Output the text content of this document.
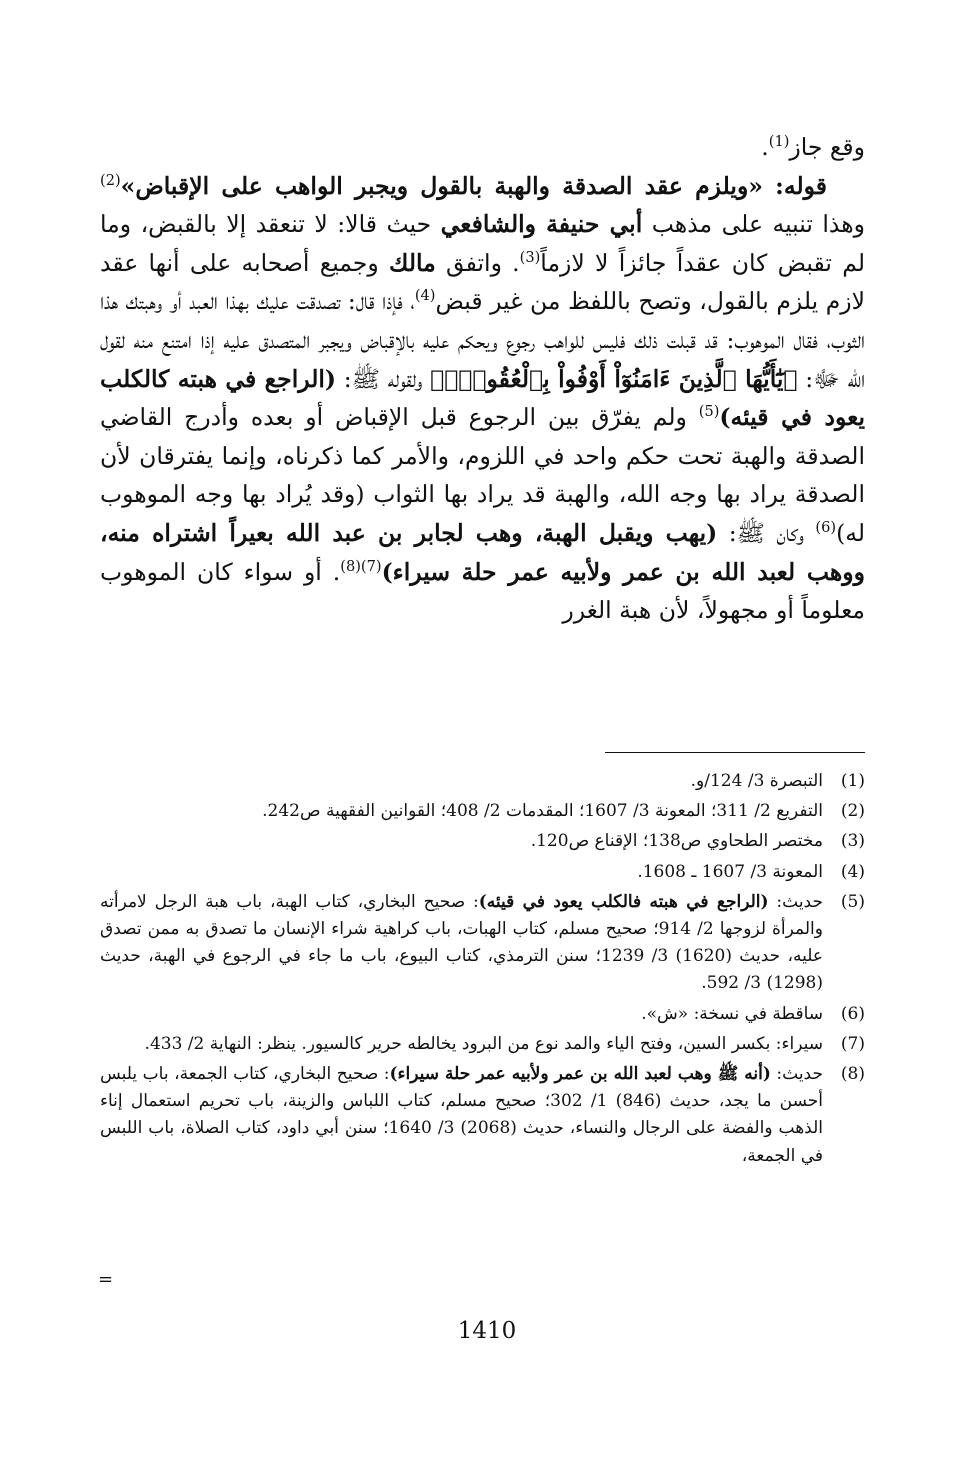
وقع جاز$^{(1)}$.

قوله: «ويلزم عقد الصدقة والهبة بالقول ويجبر الواهب على الإقباض»$^{(2)}$ وهذا تنبيه على مذهب أبي حنيفة والشافعي حيث قالا: لا تنعقد إلا بالقبض، وما لم تقبض كان عقداً جائزاً لا لازماً$^{(3)}$. واتفق مالك وجميع أصحابه على أنها عقد لازم يلزم بالقول، وتصح باللفظ من غير قبض$^{(4)}$، فإذا قال: تصدقت عليك بهذا العبد أو وهبتك هذا الثوب، فقال الموهوب: قد قبلت ذلك فليس للواهب رجوع ويحكم عليه بالإقباض ويجبر المتصدق عليه إذا امتنع منه لقول الله ﷻ: ﴿يَٰٓأَيُّهَا ٱلَّذِينَ ءَامَنُوٓاْ أَوْفُواْ بِٱلْعُقُودِۚ﴾ ولقوله ﷺ: (الراجع في هبته كالكلب يعود في قيئه)$^{(5)}$ ولم يفرّق بين الرجوع قبل الإقباض أو بعده وأدرج القاضي الصدقة والهبة تحت حكم واحد في اللزوم، والأمر كما ذكرناه، وإنما يفترقان لأن الصدقة يراد بها وجه الله، والهبة قد يراد بها الثواب (وقد يُراد بها وجه الموهوب له)$^{(6)}$ وكان ﷺ: (يهب ويقبل الهبة، وهب لجابر بن عبد الله بعيراً اشتراه منه، ووهب لعبد الله بن عمر ولأبيه عمر حلة سيراء)$^{(7)(8)}$. أو سواء كان الموهوب معلوماً أو مجهولاً، لأن هبة الغرر

(1)
التبصرة 3/ 124/و.
(2)
التفريع 2/ 311؛ المعونة 3/ 1607؛ المقدمات 2/ 408؛ القوانين الفقهية ص242.
(3)
مختصر الطحاوي ص138؛ الإقناع ص120.
(4)
المعونة 3/ 1607 ـ 1608.
(5)
حديث: (الراجع في هبته فالكلب يعود في قيئه): صحيح البخاري، كتاب الهبة، باب هبة الرجل لامرأته والمرأة لزوجها 2/ 914؛ صحيح مسلم، كتاب الهبات، باب كراهية شراء الإنسان ما تصدق به ممن تصدق عليه، حديث (1620) 3/ 1239؛ سنن الترمذي، كتاب البيوع، باب ما جاء في الرجوع في الهبة، حديث (1298) 3/ 592.
(6)
ساقطة في نسخة: «ش».
(7)
سيراء: بكسر السين، وفتح الياء والمد نوع من البرود يخالطه حرير كالسيور. ينظر: النهاية 2/ 433.
(8)
حديث: (أنه ﷺ وهب لعبد الله بن عمر ولأبيه عمر حلة سيراء): صحيح البخاري، كتاب الجمعة، باب يلبس أحسن ما يجد، حديث (846) 1/ 302؛ صحيح مسلم، كتاب اللباس والزينة، باب تحريم استعمال إناء الذهب والفضة على الرجال والنساء، حديث (2068) 3/ 1640؛ سنن أبي داود، كتاب الصلاة، باب اللبس في الجمعة،
=
1410
